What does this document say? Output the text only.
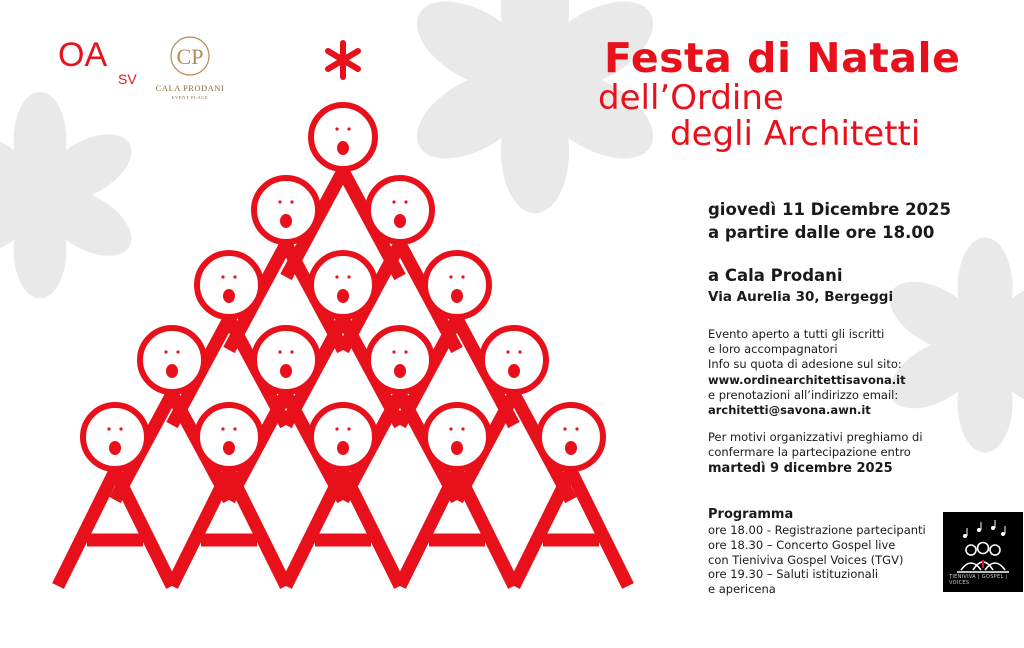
OA
SV
CP
CALA PRODANI
EVENT PLACE
Festa di Natale
dell’Ordine
degli Architetti
giovedì 11 Dicembre 2025
a partire dalle ore 18.00
a Cala Prodani
Via Aurelia 30, Bergeggi
Evento aperto a tutti gli iscritti
e loro accompagnatori
Info su quota di adesione sul sito:
www.ordinearchitettisavona.it
e prenotazioni all’indirizzo email:
architetti@savona.awn.it
Per motivi organizzativi preghiamo di
confermare la partecipazione entro
martedì 9 dicembre 2025
Programma
ore 18.00 - Registrazione partecipanti
ore 18.30 – Concerto Gospel live
con Tieniviva Gospel Voices (TGV)
ore 19.30 – Saluti istituzionali
e apericena
TIENIVIVA | GOSPEL | VOICES
